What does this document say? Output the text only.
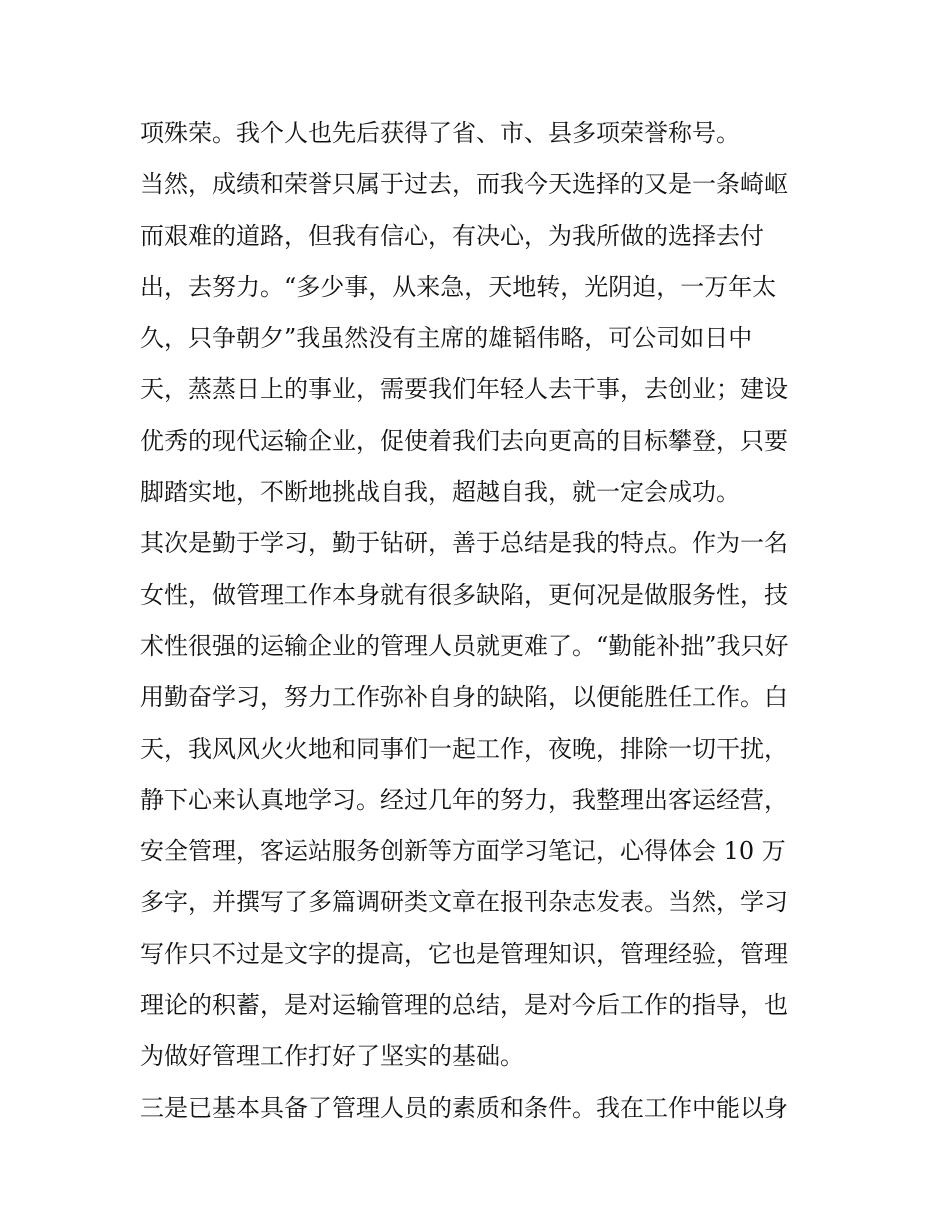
项殊荣。我个人也先后获得了省、市、县多项荣誉称号。
当然，成绩和荣誉只属于过去，而我今天选择的又是一条崎岖
而艰难的道路，但我有信心，有决心，为我所做的选择去付
出，去努力。“多少事，从来急，天地转，光阴迫，一万年太
久，只争朝夕”我虽然没有主席的雄韬伟略，可公司如日中
天，蒸蒸日上的事业，需要我们年轻人去干事，去创业；建设
优秀的现代运输企业，促使着我们去向更高的目标攀登，只要
脚踏实地，不断地挑战自我，超越自我，就一定会成功。
其次是勤于学习，勤于钻研，善于总结是我的特点。作为一名
女性，做管理工作本身就有很多缺陷，更何况是做服务性，技
术性很强的运输企业的管理人员就更难了。“勤能补拙”我只好
用勤奋学习，努力工作弥补自身的缺陷，以便能胜任工作。白
天，我风风火火地和同事们一起工作，夜晚，排除一切干扰，
静下心来认真地学习。经过几年的努力，我整理出客运经营，
安全管理，客运站服务创新等方面学习笔记，心得体会 10 万
多字，并撰写了多篇调研类文章在报刊杂志发表。当然，学习
写作只不过是文字的提高，它也是管理知识，管理经验，管理
理论的积蓄，是对运输管理的总结，是对今后工作的指导，也
为做好管理工作打好了坚实的基础。
三是已基本具备了管理人员的素质和条件。我在工作中能以身
